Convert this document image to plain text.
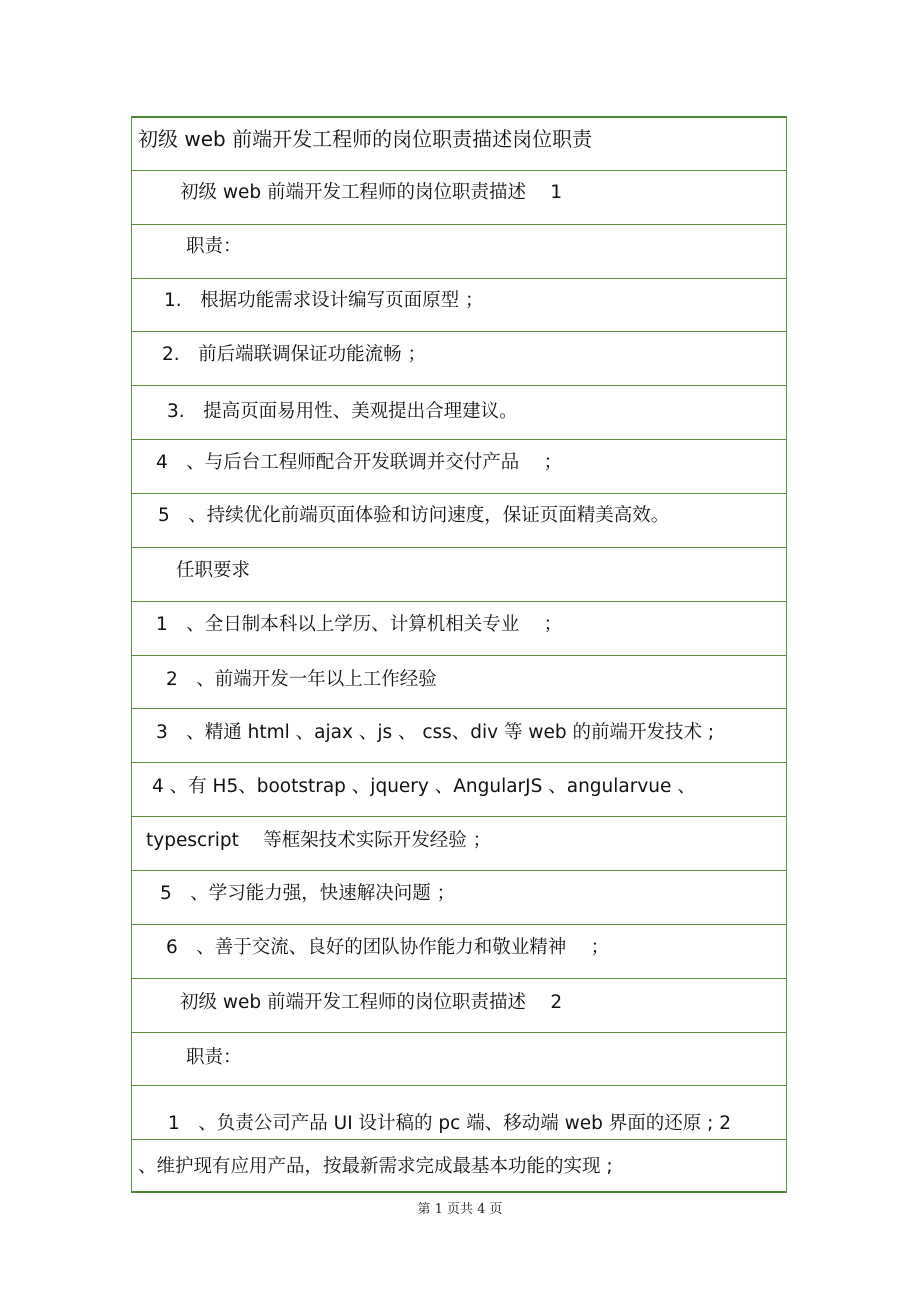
初级 web 前端开发工程师的岗位职责描述岗位职责
初级 web 前端开发工程师的岗位职责描述　 1
职责：
1.　根据功能需求设计编写页面原型 ；
2.　前后端联调保证功能流畅 ；
3.　提高页面易用性、美观提出合理建议。
4　、与后台工程师配合开发联调并交付产品　 ；
5　、持续优化前端页面体验和访问速度，保证页面精美高效。
任职要求
1　、全日制本科以上学历、计算机相关专业　 ；
2　、前端开发一年以上工作经验
3　、精通 html 、ajax 、js 、 css、div 等 web 的前端开发技术 ;
4 、有 H5、bootstrap 、jquery 、AngularJS 、angularvue 、
typescript　 等框架技术实际开发经验 ；
5　、学习能力强，快速解决问题 ；
6　、善于交流、良好的团队协作能力和敬业精神　 ；
初级 web 前端开发工程师的岗位职责描述　 2
职责：
1　、负责公司产品 UI 设计稿的 pc 端、移动端 web 界面的还原 ; 2
、维护现有应用产品，按最新需求完成最基本功能的实现 ;
第 1 页共 4 页
